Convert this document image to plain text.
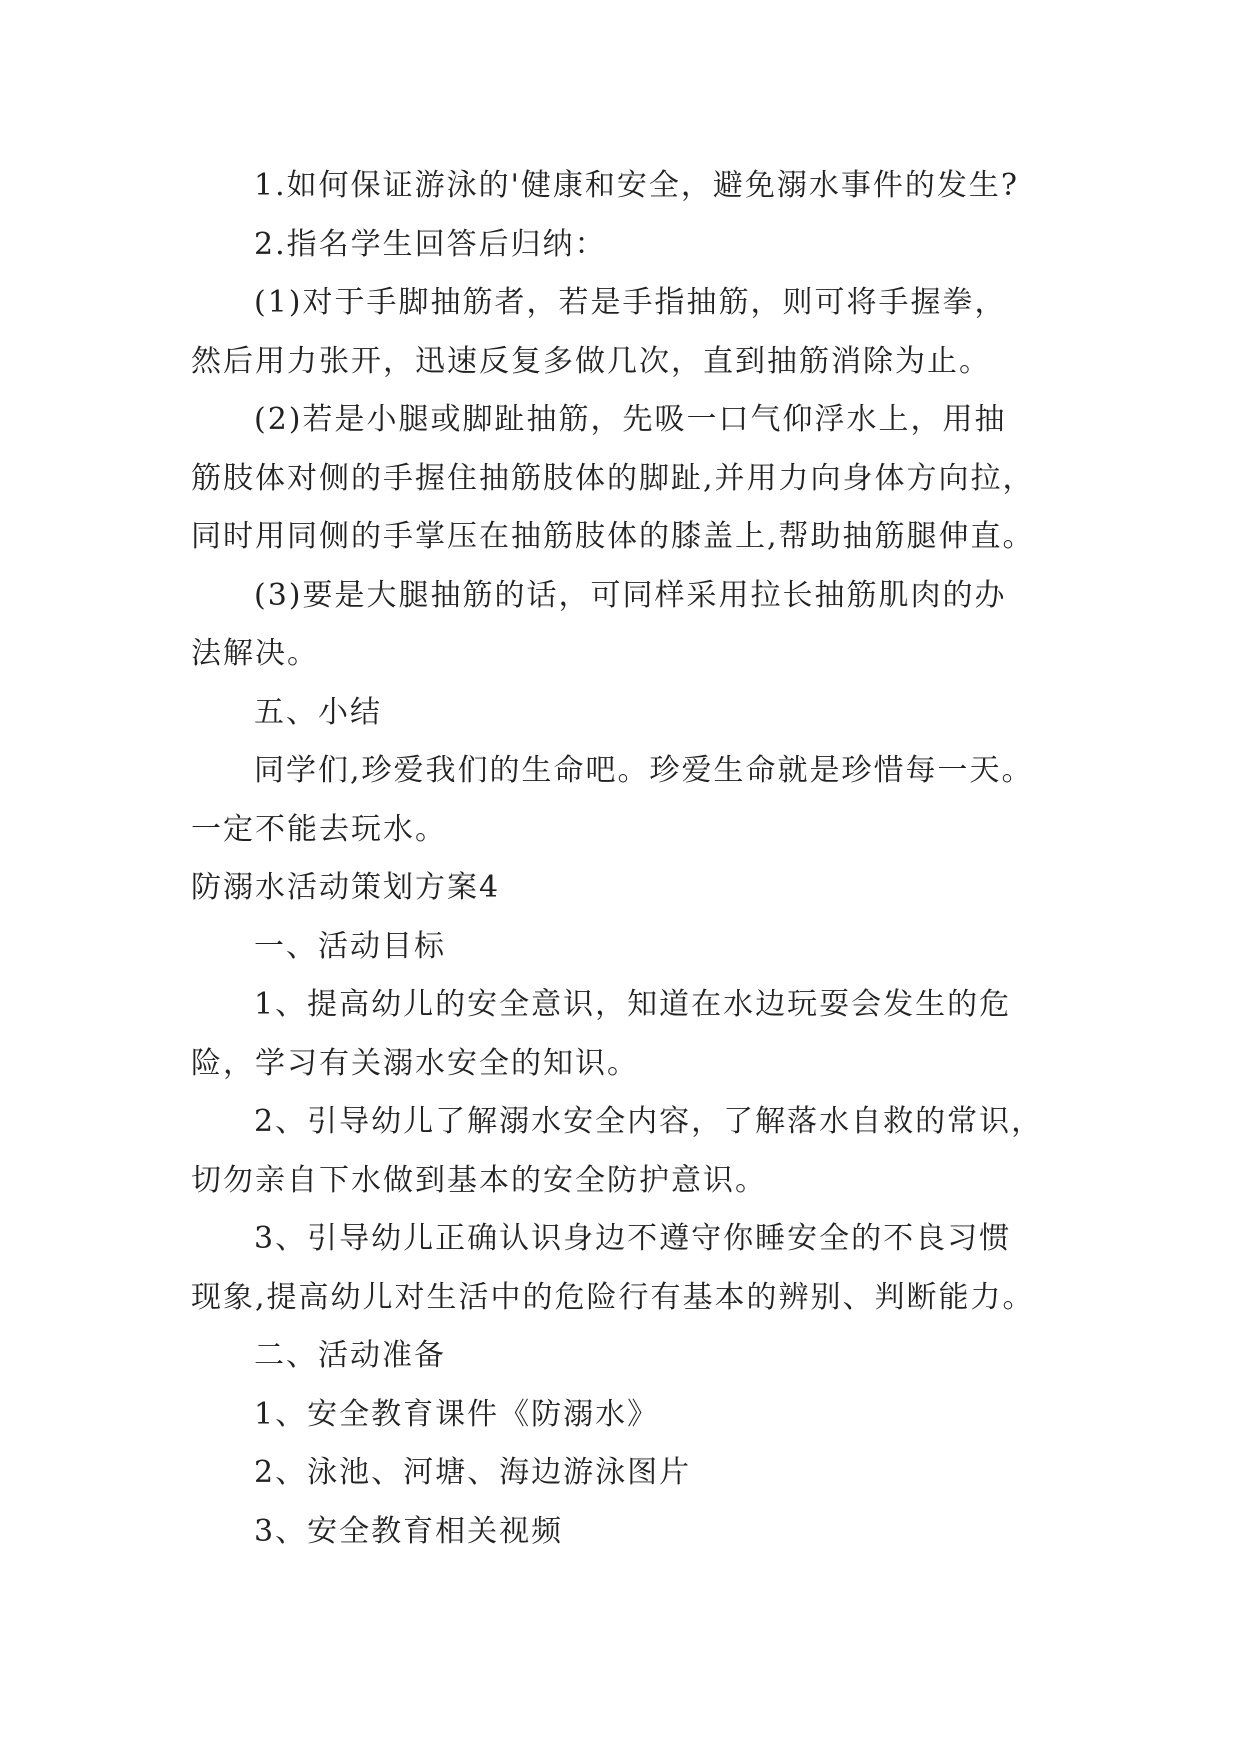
1.如何保证游泳的'健康和安全，避免溺水事件的发生?
2.指名学生回答后归纳：
(1)对于手脚抽筋者，若是手指抽筋，则可将手握拳，
然后用力张开，迅速反复多做几次，直到抽筋消除为止。
(2)若是小腿或脚趾抽筋，先吸一口气仰浮水上，用抽
筋肢体对侧的手握住抽筋肢体的脚趾,并用力向身体方向拉，
同时用同侧的手掌压在抽筋肢体的膝盖上,帮助抽筋腿伸直。
(3)要是大腿抽筋的话，可同样采用拉长抽筋肌肉的办
法解决。
五、小结
同学们,珍爱我们的生命吧。珍爱生命就是珍惜每一天。
一定不能去玩水。
防溺水活动策划方案4
一、活动目标
1、提高幼儿的安全意识，知道在水边玩耍会发生的危
险，学习有关溺水安全的知识。
2、引导幼儿了解溺水安全内容，了解落水自救的常识，
切勿亲自下水做到基本的安全防护意识。
3、引导幼儿正确认识身边不遵守你睡安全的不良习惯
现象,提高幼儿对生活中的危险行有基本的辨别、判断能力。
二、活动准备
1、安全教育课件《防溺水》
2、泳池、河塘、海边游泳图片
3、安全教育相关视频
